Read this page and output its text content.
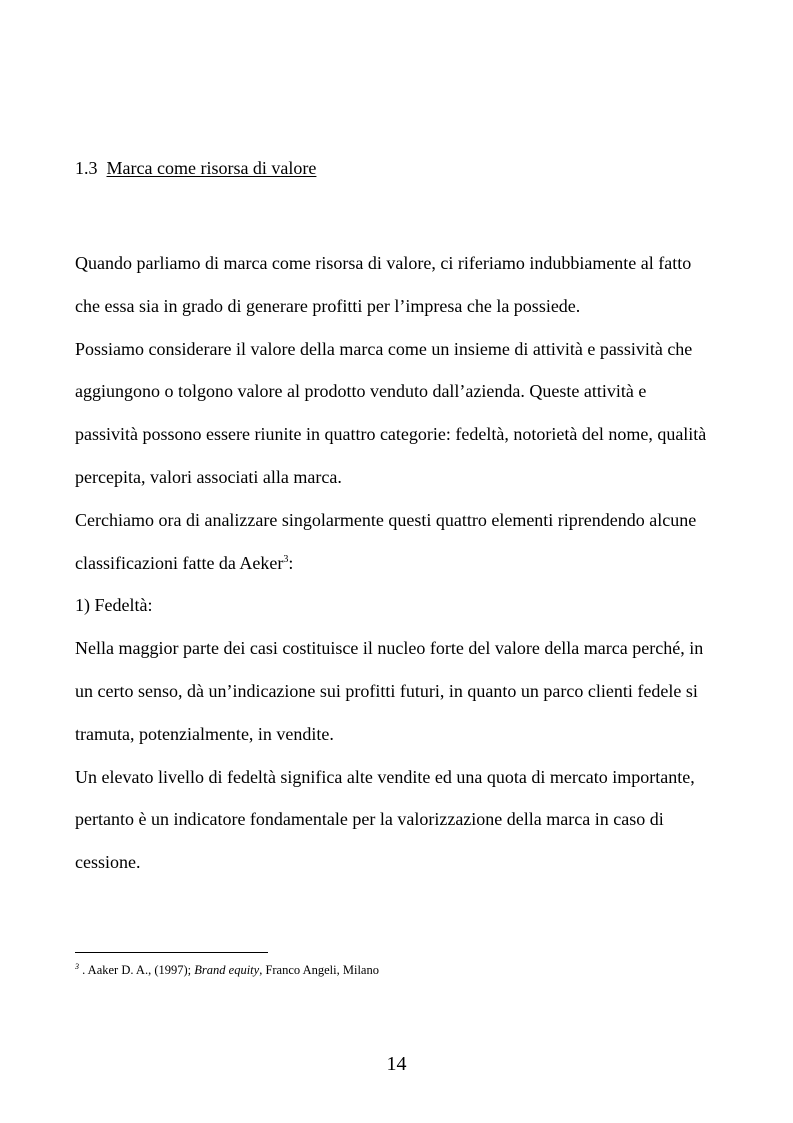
1.3 Marca come risorsa di valore
Quando parliamo di marca come risorsa di valore, ci riferiamo indubbiamente al fatto
che essa sia in grado di generare profitti per l’impresa che la possiede.
Possiamo considerare il valore della marca come un insieme di attività e passività che
aggiungono o tolgono valore al prodotto venduto dall’azienda. Queste attività e
passività possono essere riunite in quattro categorie: fedeltà, notorietà del nome, qualità
percepita, valori associati alla marca.
Cerchiamo ora di analizzare singolarmente questi quattro elementi riprendendo alcune
classificazioni fatte da Aeker$^3$:
1) Fedeltà:
Nella maggior parte dei casi costituisce il nucleo forte del valore della marca perché, in
un certo senso, dà un’indicazione sui profitti futuri, in quanto un parco clienti fedele si
tramuta, potenzialmente, in vendite.
Un elevato livello di fedeltà significa alte vendite ed una quota di mercato importante,
pertanto è un indicatore fondamentale per la valorizzazione della marca in caso di
cessione.
$^3$ . Aaker D. A., (1997); Brand equity, Franco Angeli, Milano
14
